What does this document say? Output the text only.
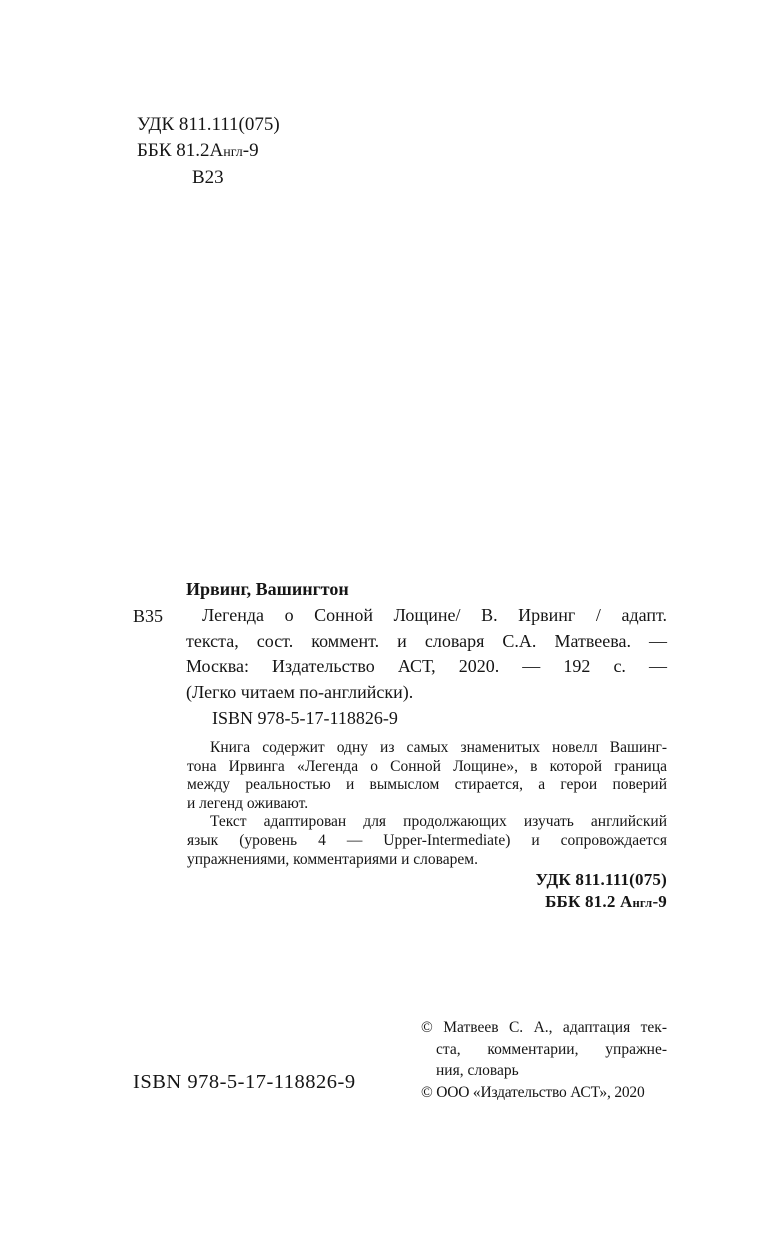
УДК 811.111(075)
ББК 81.2Англ-9
В23
В35
Ирвинг, Вашингтон
Легенда о Сонной Лощине/ В. Ирвинг / адапт.
текста, сост. коммент. и словаря С.А. Матвеева. —
Москва: Издательство АСТ, 2020. — 192 с. —
(Легко читаем по-английски).
ISBN 978-5-17-118826-9
Книга содержит одну из самых знаменитых новелл Вашинг-
тона Ирвинга «Легенда о Сонной Лощине», в которой граница
между реальностью и вымыслом стирается, а герои поверий
и легенд оживают.
Текст адаптирован для продолжающих изучать английский
язык (уровень 4 — Upper-Intermediate) и сопровождается
упражнениями, комментариями и словарем.
УДК 811.111(075)
ББК 81.2 Англ-9
ISBN 978-5-17-118826-9
© Матвеев С. А., адаптация тек-
ста, комментарии, упражне-
ния, словарь
© ООО «Издательство АСТ», 2020
